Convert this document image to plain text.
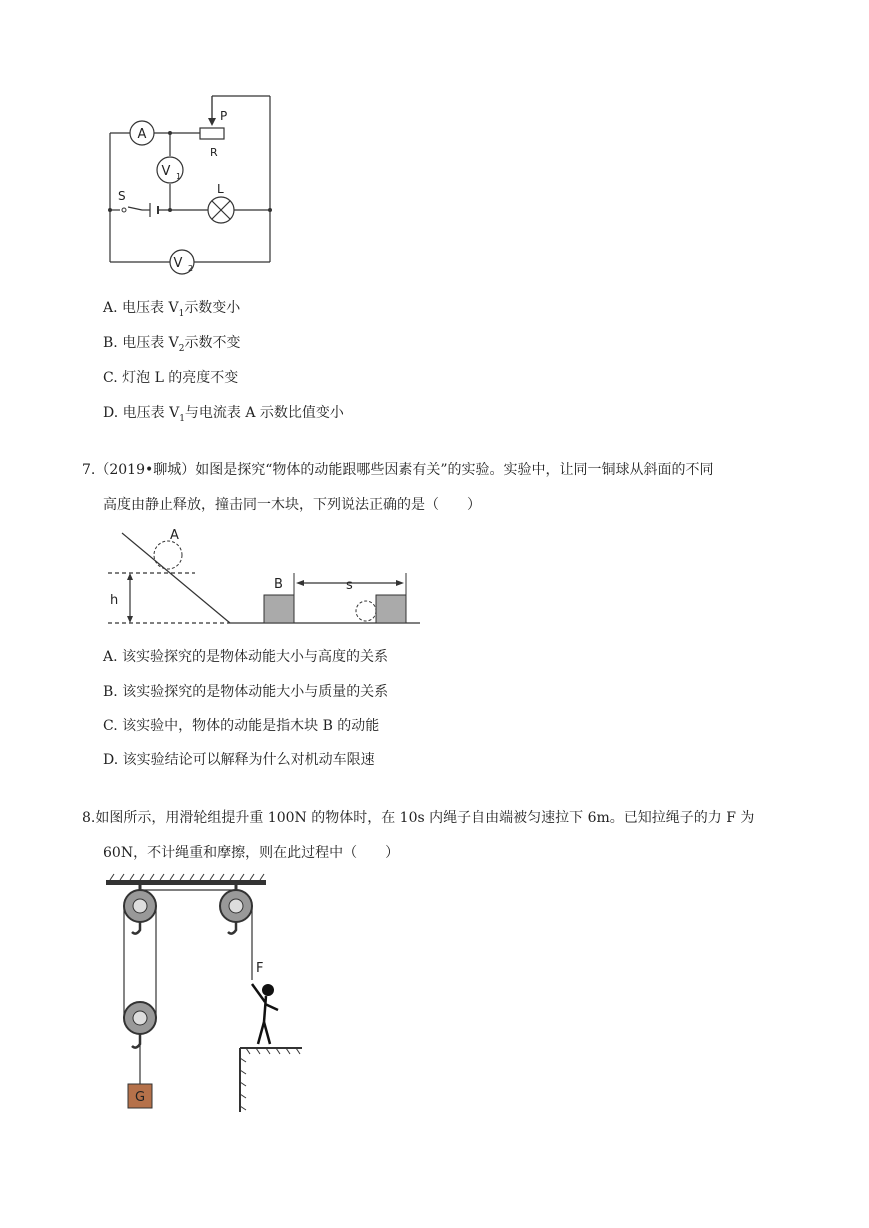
A
P
R
V 1
S	L
V 2
A. 电压表 $V_1$示数变小
B. 电压表 $V_2$示数不变
C. 灯泡 L 的亮度不变
D. 电压表 $V_1$与电流表 A 示数比值变小
7.（2019•聊城）如图是探究“物体的动能跟哪些因素有关”的实验。实验中，让同一铜球从斜面的不同
高度由静止释放，撞击同一木块，下列说法正确的是（　　）
h
A
B	s
A. 该实验探究的是物体动能大小与高度的关系
B. 该实验探究的是物体动能大小与质量的关系
C. 该实验中，物体的动能是指木块 B 的动能
D. 该实验结论可以解释为什么对机动车限速
8.如图所示，用滑轮组提升重 100N 的物体时，在 10s 内绳子自由端被匀速拉下 6m。已知拉绳子的力 F 为
60N，不计绳重和摩擦，则在此过程中（　　）
G
F
